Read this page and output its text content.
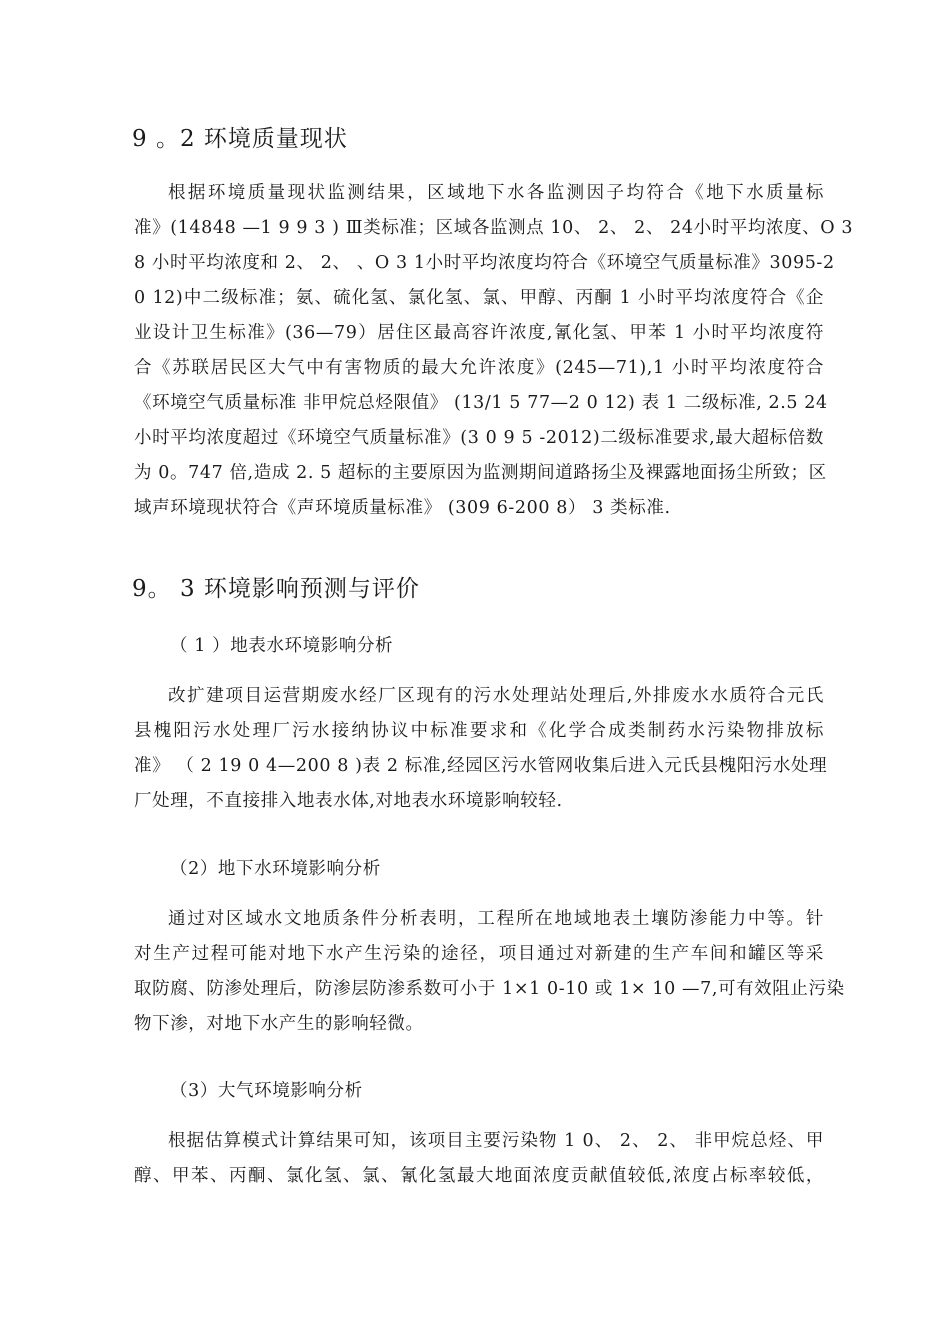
9 。2 环境质量现状
根据环境质量现状监测结果，区域地下水各监测因子均符合《地下水质量标
准》(14848 —1 9 9 3 ) Ⅲ类标准；区域各监测点 10、 2、 2、 24小时平均浓度、O 3
8 小时平均浓度和 2、 2、 、O 3 1小时平均浓度均符合《环境空气质量标准》3095-2
0 12)中二级标准；氨、硫化氢、氯化氢、氯、甲醇、丙酮 1 小时平均浓度符合《企
业设计卫生标准》(36—79）居住区最高容许浓度,氰化氢、甲苯 1 小时平均浓度符
合《苏联居民区大气中有害物质的最大允许浓度》(245—71),1 小时平均浓度符合
《环境空气质量标准 非甲烷总烃限值》 (13/1 5 77—2 0 12) 表 1 二级标准, 2.5 24
小时平均浓度超过《环境空气质量标准》(3 0 9 5 -2012)二级标准要求,最大超标倍数
为 0。747 倍,造成 2. 5 超标的主要原因为监测期间道路扬尘及裸露地面扬尘所致；区
域声环境现状符合《声环境质量标准》 (309 6-200 8） 3 类标准.
9。 3 环境影响预测与评价
（ 1 ）地表水环境影响分析
改扩建项目运营期废水经厂区现有的污水处理站处理后,外排废水水质符合元氏
县槐阳污水处理厂污水接纳协议中标准要求和《化学合成类制药水污染物排放标
准》 （ 2 19 0 4—200 8 )表 2 标准,经园区污水管网收集后进入元氏县槐阳污水处理
厂处理，不直接排入地表水体,对地表水环境影响较轻.
（2）地下水环境影响分析
通过对区域水文地质条件分析表明，工程所在地域地表土壤防渗能力中等。针
对生产过程可能对地下水产生污染的途径，项目通过对新建的生产车间和罐区等采
取防腐、防渗处理后，防渗层防渗系数可小于 1×1 0-10 或 1× 10 —7,可有效阻止污染
物下渗，对地下水产生的影响轻微。
（3）大气环境影响分析
根据估算模式计算结果可知，该项目主要污染物 1 0、 2、 2、 非甲烷总烃、甲
醇、甲苯、丙酮、氯化氢、氯、氰化氢最大地面浓度贡献值较低,浓度占标率较低，
